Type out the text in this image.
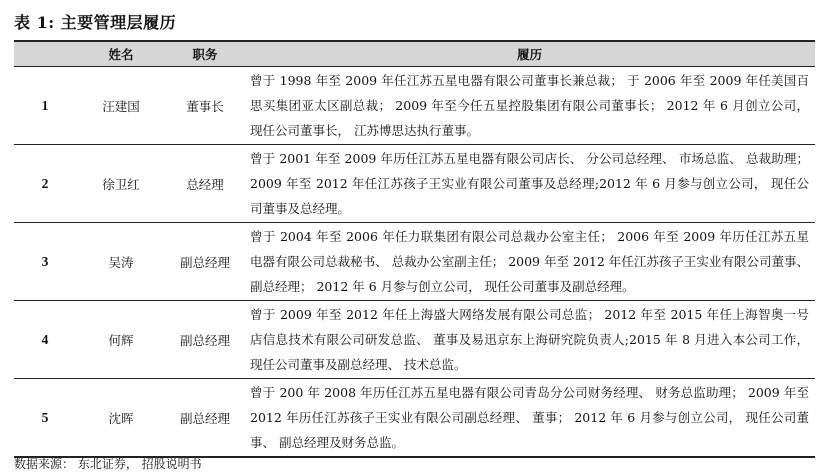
表 1: 主要管理层履历
	姓名	职务	履历
1	汪建国	董事长	曾于 1998 年至 2009 年任江苏五星电器有限公司董事长兼总裁； 于 2006 年至 2009 年任美国百思买集团亚太区副总裁； 2009 年至今任五星控股集团有限公司董事长； 2012 年 6 月创立公司， 现任公司董事长， 江苏博思达执行董事。
2	徐卫红	总经理	曾于 2001 年至 2009 年历任江苏五星电器有限公司店长、 分公司总经理、 市场总监、 总裁助理； 2009 年至 2012 年任江苏孩子王实业有限公司董事及总经理;2012 年 6 月参与创立公司， 现任公司董事及总经理。
3	吴涛	副总经理	曾于 2004 年至 2006 年任力联集团有限公司总裁办公室主任； 2006 年至 2009 年历任江苏五星电器有限公司总裁秘书、 总裁办公室副主任； 2009 年至 2012 年任江苏孩子王实业有限公司董事、 副总经理； 2012 年 6 月参与创立公司， 现任公司董事及副总经理。
4	何辉	副总经理	曾于 2009 年至 2012 年任上海盛大网络发展有限公司总监； 2012 年至 2015 年任上海智奥一号店信息技术有限公司研发总监、 董事及易迅京东上海研究院负责人;2015 年 8 月进入本公司工作， 现任公司董事及副总经理、 技术总监。
5	沈晖	副总经理	曾于 200 年 2008 年历任江苏五星电器有限公司青岛分公司财务经理、 财务总监助理； 2009 年至 2012 年历任江苏孩子王实业有限公司副总经理、 董事； 2012 年 6 月参与创立公司， 现任公司董事、 副总经理及财务总监。
数据来源： 东北证券， 招股说明书
